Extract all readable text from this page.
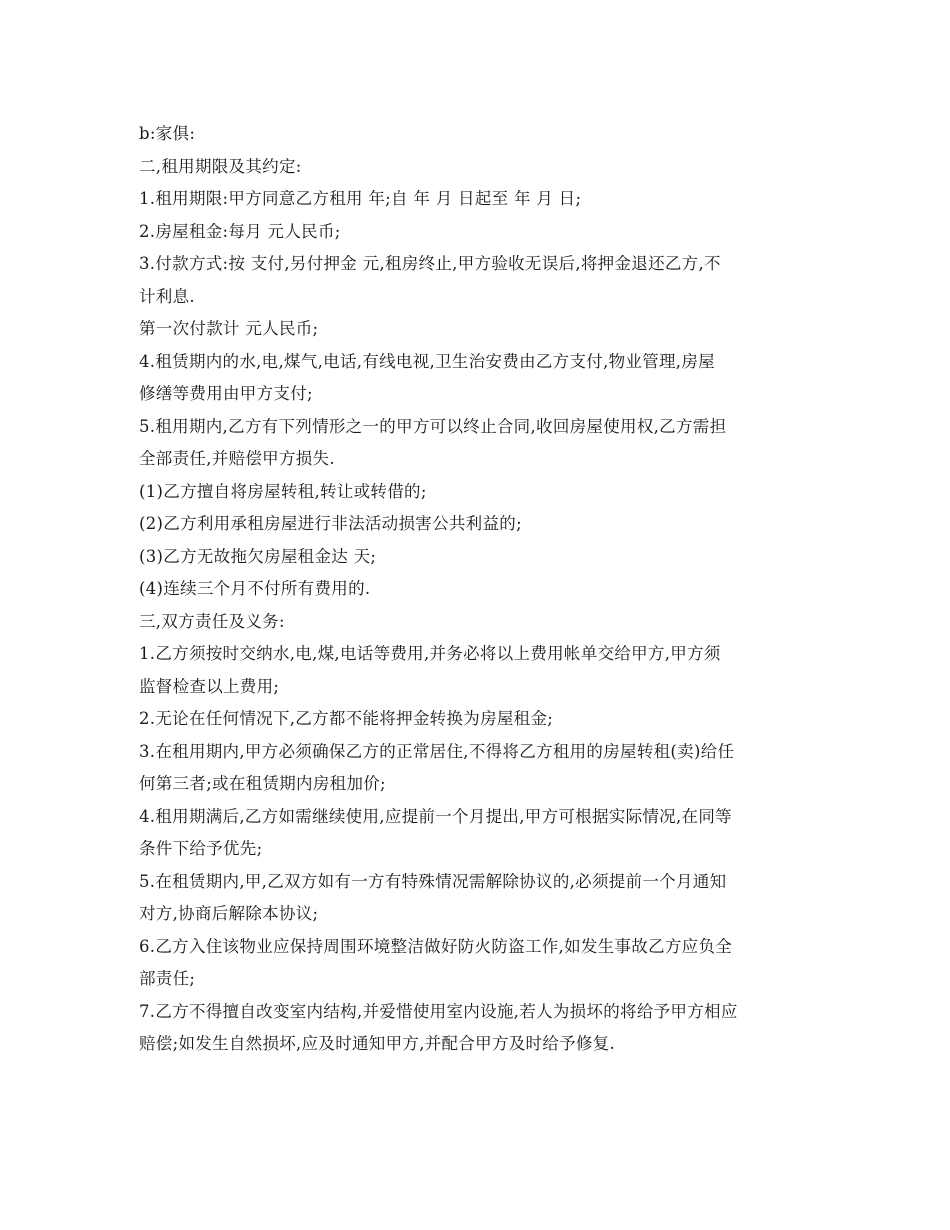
b:家俱:
二,租用期限及其约定:
1.租用期限:甲方同意乙方租用 年;自 年 月 日起至 年 月 日;
2.房屋租金:每月 元人民币;
3.付款方式:按 支付,另付押金 元,租房终止,甲方验收无误后,将押金退还乙方,不
计利息.
第一次付款计 元人民币;
4.租赁期内的水,电,煤气,电话,有线电视,卫生治安费由乙方支付,物业管理,房屋
修缮等费用由甲方支付;
5.租用期内,乙方有下列情形之一的甲方可以终止合同,收回房屋使用权,乙方需担
全部责任,并赔偿甲方损失.
(1)乙方擅自将房屋转租,转让或转借的;
(2)乙方利用承租房屋进行非法活动损害公共利益的;
(3)乙方无故拖欠房屋租金达 天;
(4)连续三个月不付所有费用的.
三,双方责任及义务:
1.乙方须按时交纳水,电,煤,电话等费用,并务必将以上费用帐单交给甲方,甲方须
监督检查以上费用;
2.无论在任何情况下,乙方都不能将押金转换为房屋租金;
3.在租用期内,甲方必须确保乙方的正常居住,不得将乙方租用的房屋转租(卖)给任
何第三者;或在租赁期内房租加价;
4.租用期满后,乙方如需继续使用,应提前一个月提出,甲方可根据实际情况,在同等
条件下给予优先;
5.在租赁期内,甲,乙双方如有一方有特殊情况需解除协议的,必须提前一个月通知
对方,协商后解除本协议;
6.乙方入住该物业应保持周围环境整洁做好防火防盗工作,如发生事故乙方应负全
部责任;
7.乙方不得擅自改变室内结构,并爱惜使用室内设施,若人为损坏的将给予甲方相应
赔偿;如发生自然损坏,应及时通知甲方,并配合甲方及时给予修复.
